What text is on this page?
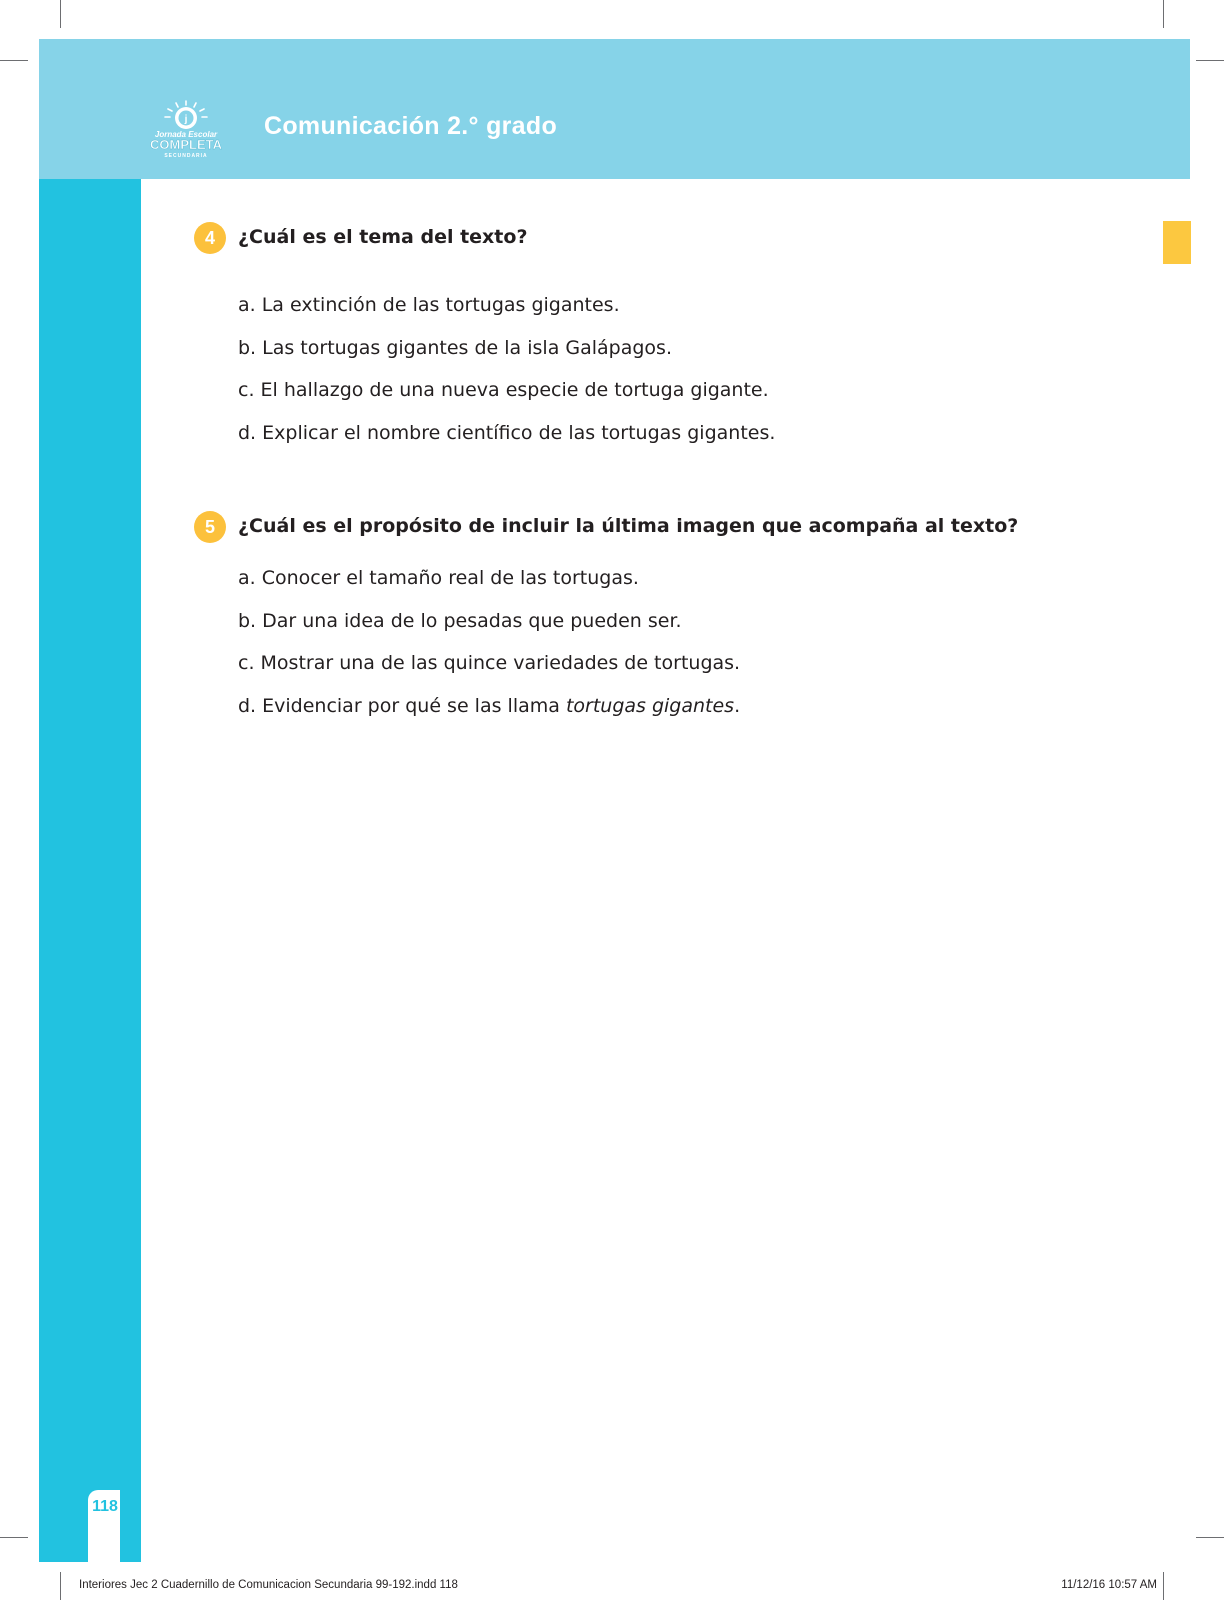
j
Jornada Escolar
COMPLETA
SECUNDARIA
Comunicación 2.° grado
118
4	¿Cuál es el tema del texto?
a. La extinción de las tortugas gigantes.
b. Las tortugas gigantes de la isla Galápagos.
c. El hallazgo de una nueva especie de tortuga gigante.
d. Explicar el nombre científico de las tortugas gigantes.
5	¿Cuál es el propósito de incluir la última imagen que acompaña al texto?
a. Conocer el tamaño real de las tortugas.
b. Dar una idea de lo pesadas que pueden ser.
c. Mostrar una de las quince variedades de tortugas.
d. Evidenciar por qué se las llama tortugas gigantes.
Interiores Jec 2 Cuadernillo de Comunicacion Secundaria 99-192.indd 118	11/12/16 10:57 AM
